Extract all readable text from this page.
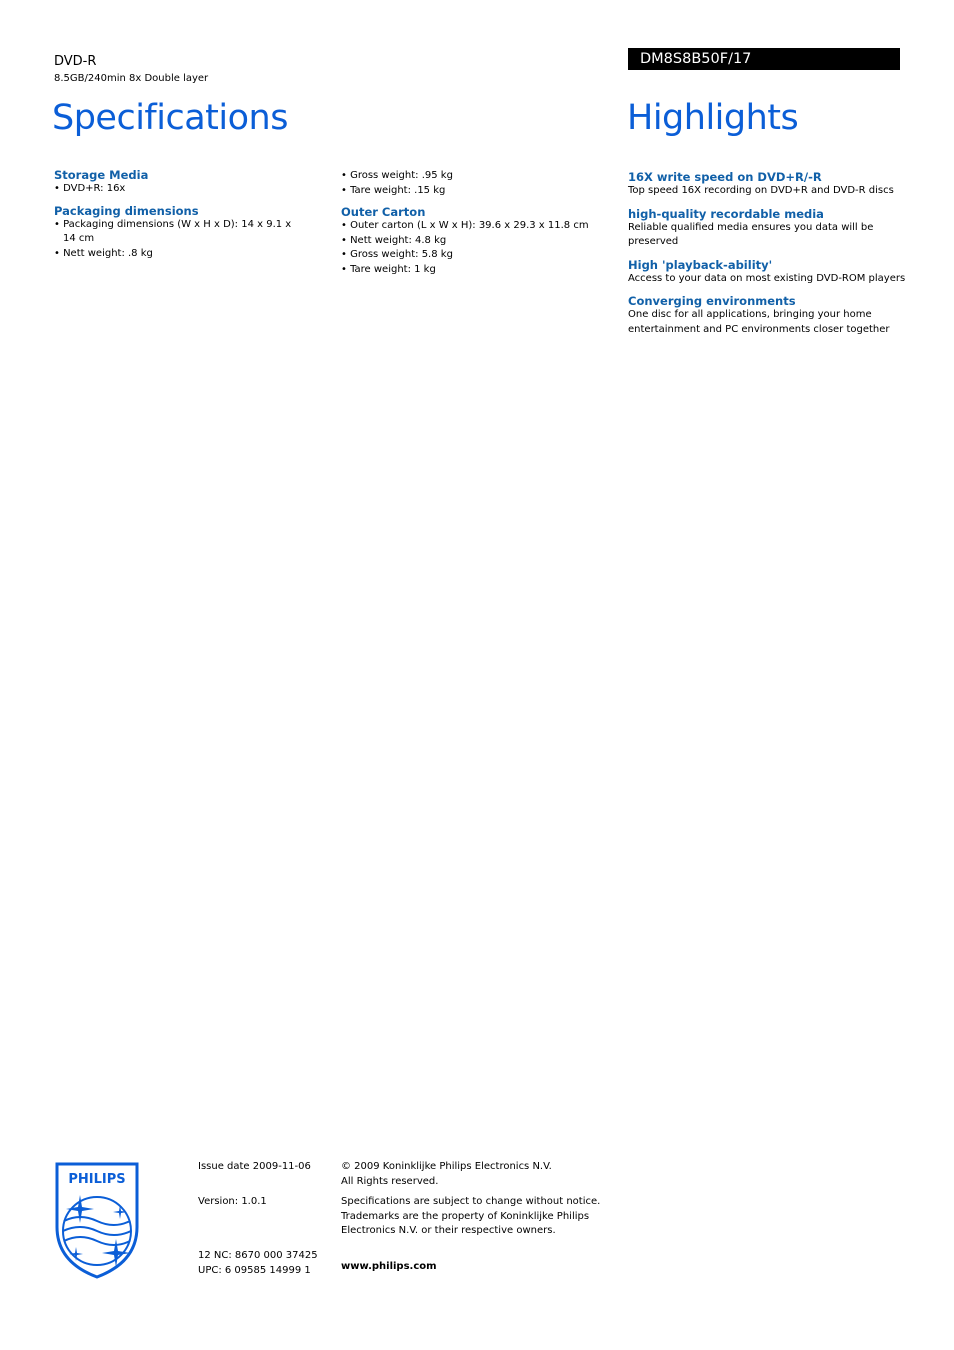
DVD-R
8.5GB/240min 8x Double layer
Specifications
DM8S8B50F/17
Highlights
Storage Media
• DVD+R: 16x
Packaging dimensions
• Packaging dimensions (W x H x D): 14 x 9.1 x 14 cm
• Nett weight: .8 kg
• Gross weight: .95 kg
• Tare weight: .15 kg
Outer Carton
• Outer carton (L x W x H): 39.6 x 29.3 x 11.8 cm
• Nett weight: 4.8 kg
• Gross weight: 5.8 kg
• Tare weight: 1 kg
16X write speed on DVD+R/-R

Top speed 16X recording on DVD+R and DVD-R discs

high-quality recordable media

Reliable qualified media ensures you data will be preserved

High 'playback-ability'

Access to your data on most existing DVD-ROM players

Converging environments

One disc for all applications, bringing your home entertainment and PC environments closer together

PHILIPS

Issue date 2009-11-06

Version: 1.0.1

12 NC: 8670 000 37425

UPC: 6 09585 14999 1

© 2009 Koninklijke Philips Electronics N.V.

All Rights reserved.

Specifications are subject to change without notice.

Trademarks are the property of Koninklijke Philips

Electronics N.V. or their respective owners.

www.philips.com
